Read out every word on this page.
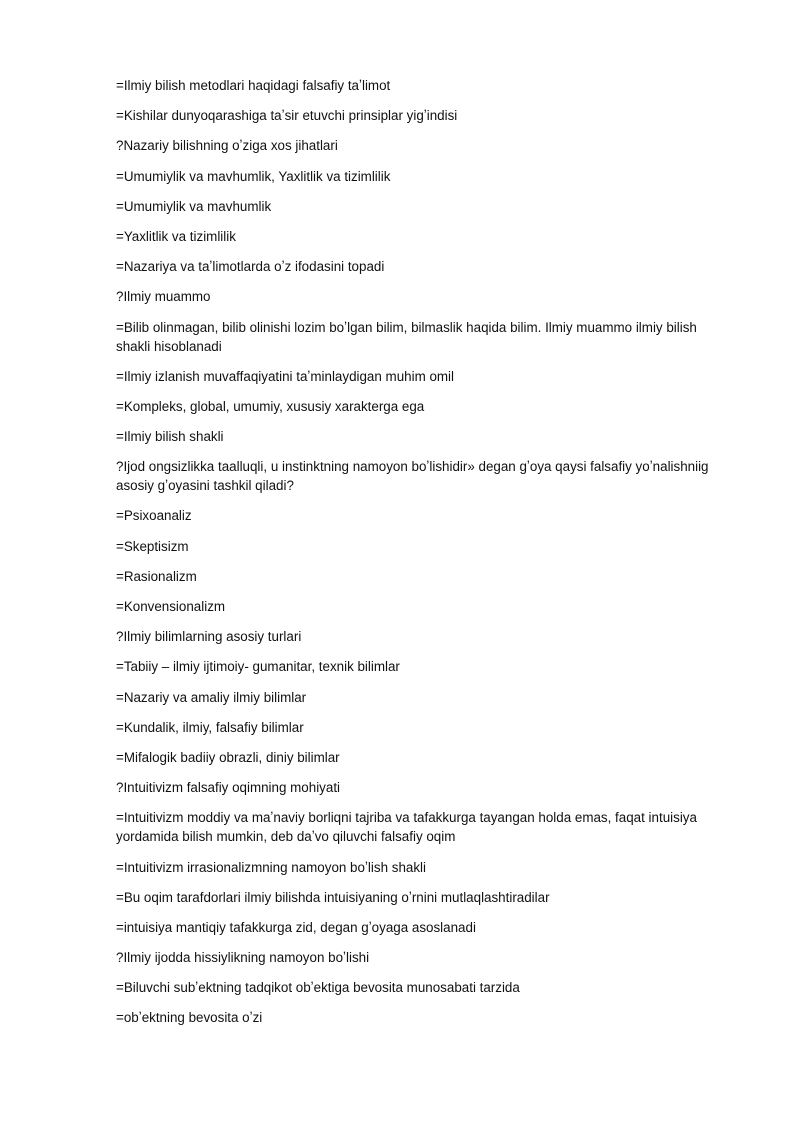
=Ilmiy bilish metodlari haqidagi falsafiy taʼlimot

=Kishilar dunyoqarashiga taʼsir etuvchi prinsiplar yigʼindisi

?Nazariy bilishning oʼziga xos jihatlari

=Umumiylik va mavhumlik, Yaxlitlik va tizimlilik

=Umumiylik va mavhumlik

=Yaxlitlik va tizimlilik

=Nazariya va taʼlimotlarda oʼz ifodasini topadi

?Ilmiy muammo

=Bilib olinmagan, bilib olinishi lozim boʼlgan bilim, bilmaslik haqida bilim. Ilmiy muammo ilmiy bilish shakli hisoblanadi

=Ilmiy izlanish muvaffaqiyatini taʼminlaydigan muhim omil

=Kompleks, global, umumiy, xususiy xarakterga ega

=Ilmiy bilish shakli

?Ijod ongsizlikka taalluqli, u instinktning namoyon boʼlishidir» degan gʼoya qaysi falsafiy yoʼnalishniig asosiy gʼoyasini tashkil qiladi?

=Psixoanaliz

=Skeptisizm

=Rasionalizm

=Konvensionalizm

?Ilmiy bilimlarning asosiy turlari

=Tabiiy – ilmiy ijtimoiy- gumanitar, texnik bilimlar

=Nazariy va amaliy ilmiy bilimlar

=Kundalik, ilmiy, falsafiy bilimlar

=Mifalogik badiiy obrazli, diniy bilimlar

?Intuitivizm falsafiy oqimning mohiyati

=Intuitivizm moddiy va maʼnaviy borliqni tajriba va tafakkurga tayangan holda emas, faqat intuisiya yordamida bilish mumkin, deb daʼvo qiluvchi falsafiy oqim

=Intuitivizm irrasionalizmning namoyon boʼlish shakli

=Bu oqim tarafdorlari ilmiy bilishda intuisiyaning oʼrnini mutlaqlashtiradilar

=intuisiya mantiqiy tafakkurga zid, degan gʼoyaga asoslanadi

?Ilmiy ijodda hissiylikning namoyon boʼlishi

=Biluvchi subʼektning tadqikot obʼektiga bevosita munosabati tarzida

=obʼektning bevosita oʼzi
